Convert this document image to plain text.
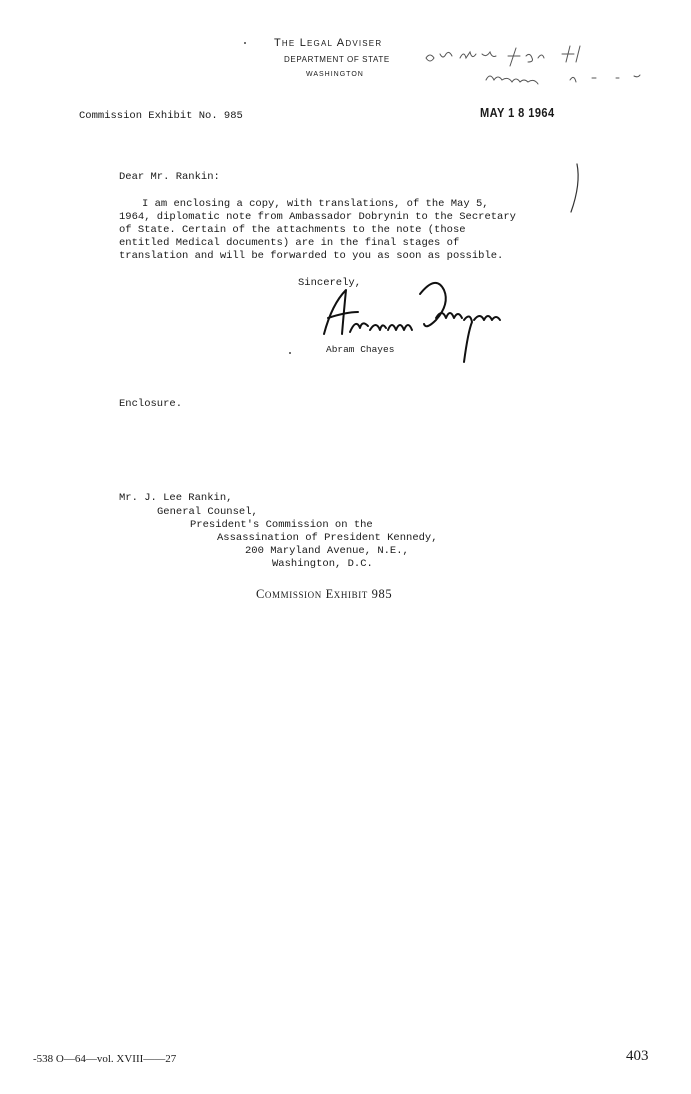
The Legal Adviser
DEPARTMENT OF STATE
WASHINGTON
Commission Exhibit No. 985	MAY 1 8 1964
Dear Mr. Rankin:
I am enclosing a copy, with translations, of the May 5,
1964, diplomatic note from Ambassador Dobrynin to the Secretary
of State. Certain of the attachments to the note (those
entitled Medical documents) are in the final stages of
translation and will be forwarded to you as soon as possible.
Sincerely,
Abram Chayes
Enclosure.
Mr. J. Lee Rankin,
General Counsel,
President's Commission on the
Assassination of President Kennedy,
200 Maryland Avenue, N.E.,
Washington, D.C.
Commission Exhibit 985
-538 O—64—vol. XVIII——27	403
